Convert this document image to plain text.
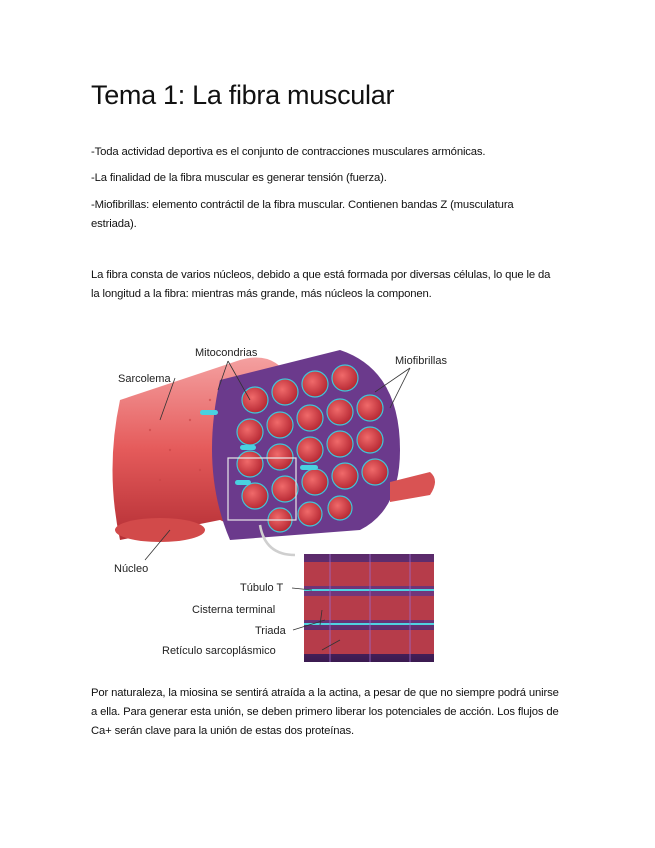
Tema 1: La fibra muscular

-Toda actividad deportiva es el conjunto de contracciones musculares armónicas.

-La finalidad de la fibra muscular es generar tensión (fuerza).

-Miofibrillas: elemento contráctil de la fibra muscular. Contienen bandas Z (musculatura estriada).

La fibra consta de varios núcleos, debido a que está formada por diversas células, lo que le da la longitud a la fibra: mientras más grande, más núcleos la componen.

Mitocondrias
Miofibrillas
Sarcolema
Núcleo
Túbulo T
Cisterna terminal
Triada
Retículo sarcoplásmico

Por naturaleza, la miosina se sentirá atraída a la actina, a pesar de que no siempre podrá unirse a ella. Para generar esta unión, se deben primero liberar los potenciales de acción. Los flujos de Ca+ serán clave para la unión de estas dos proteínas.
